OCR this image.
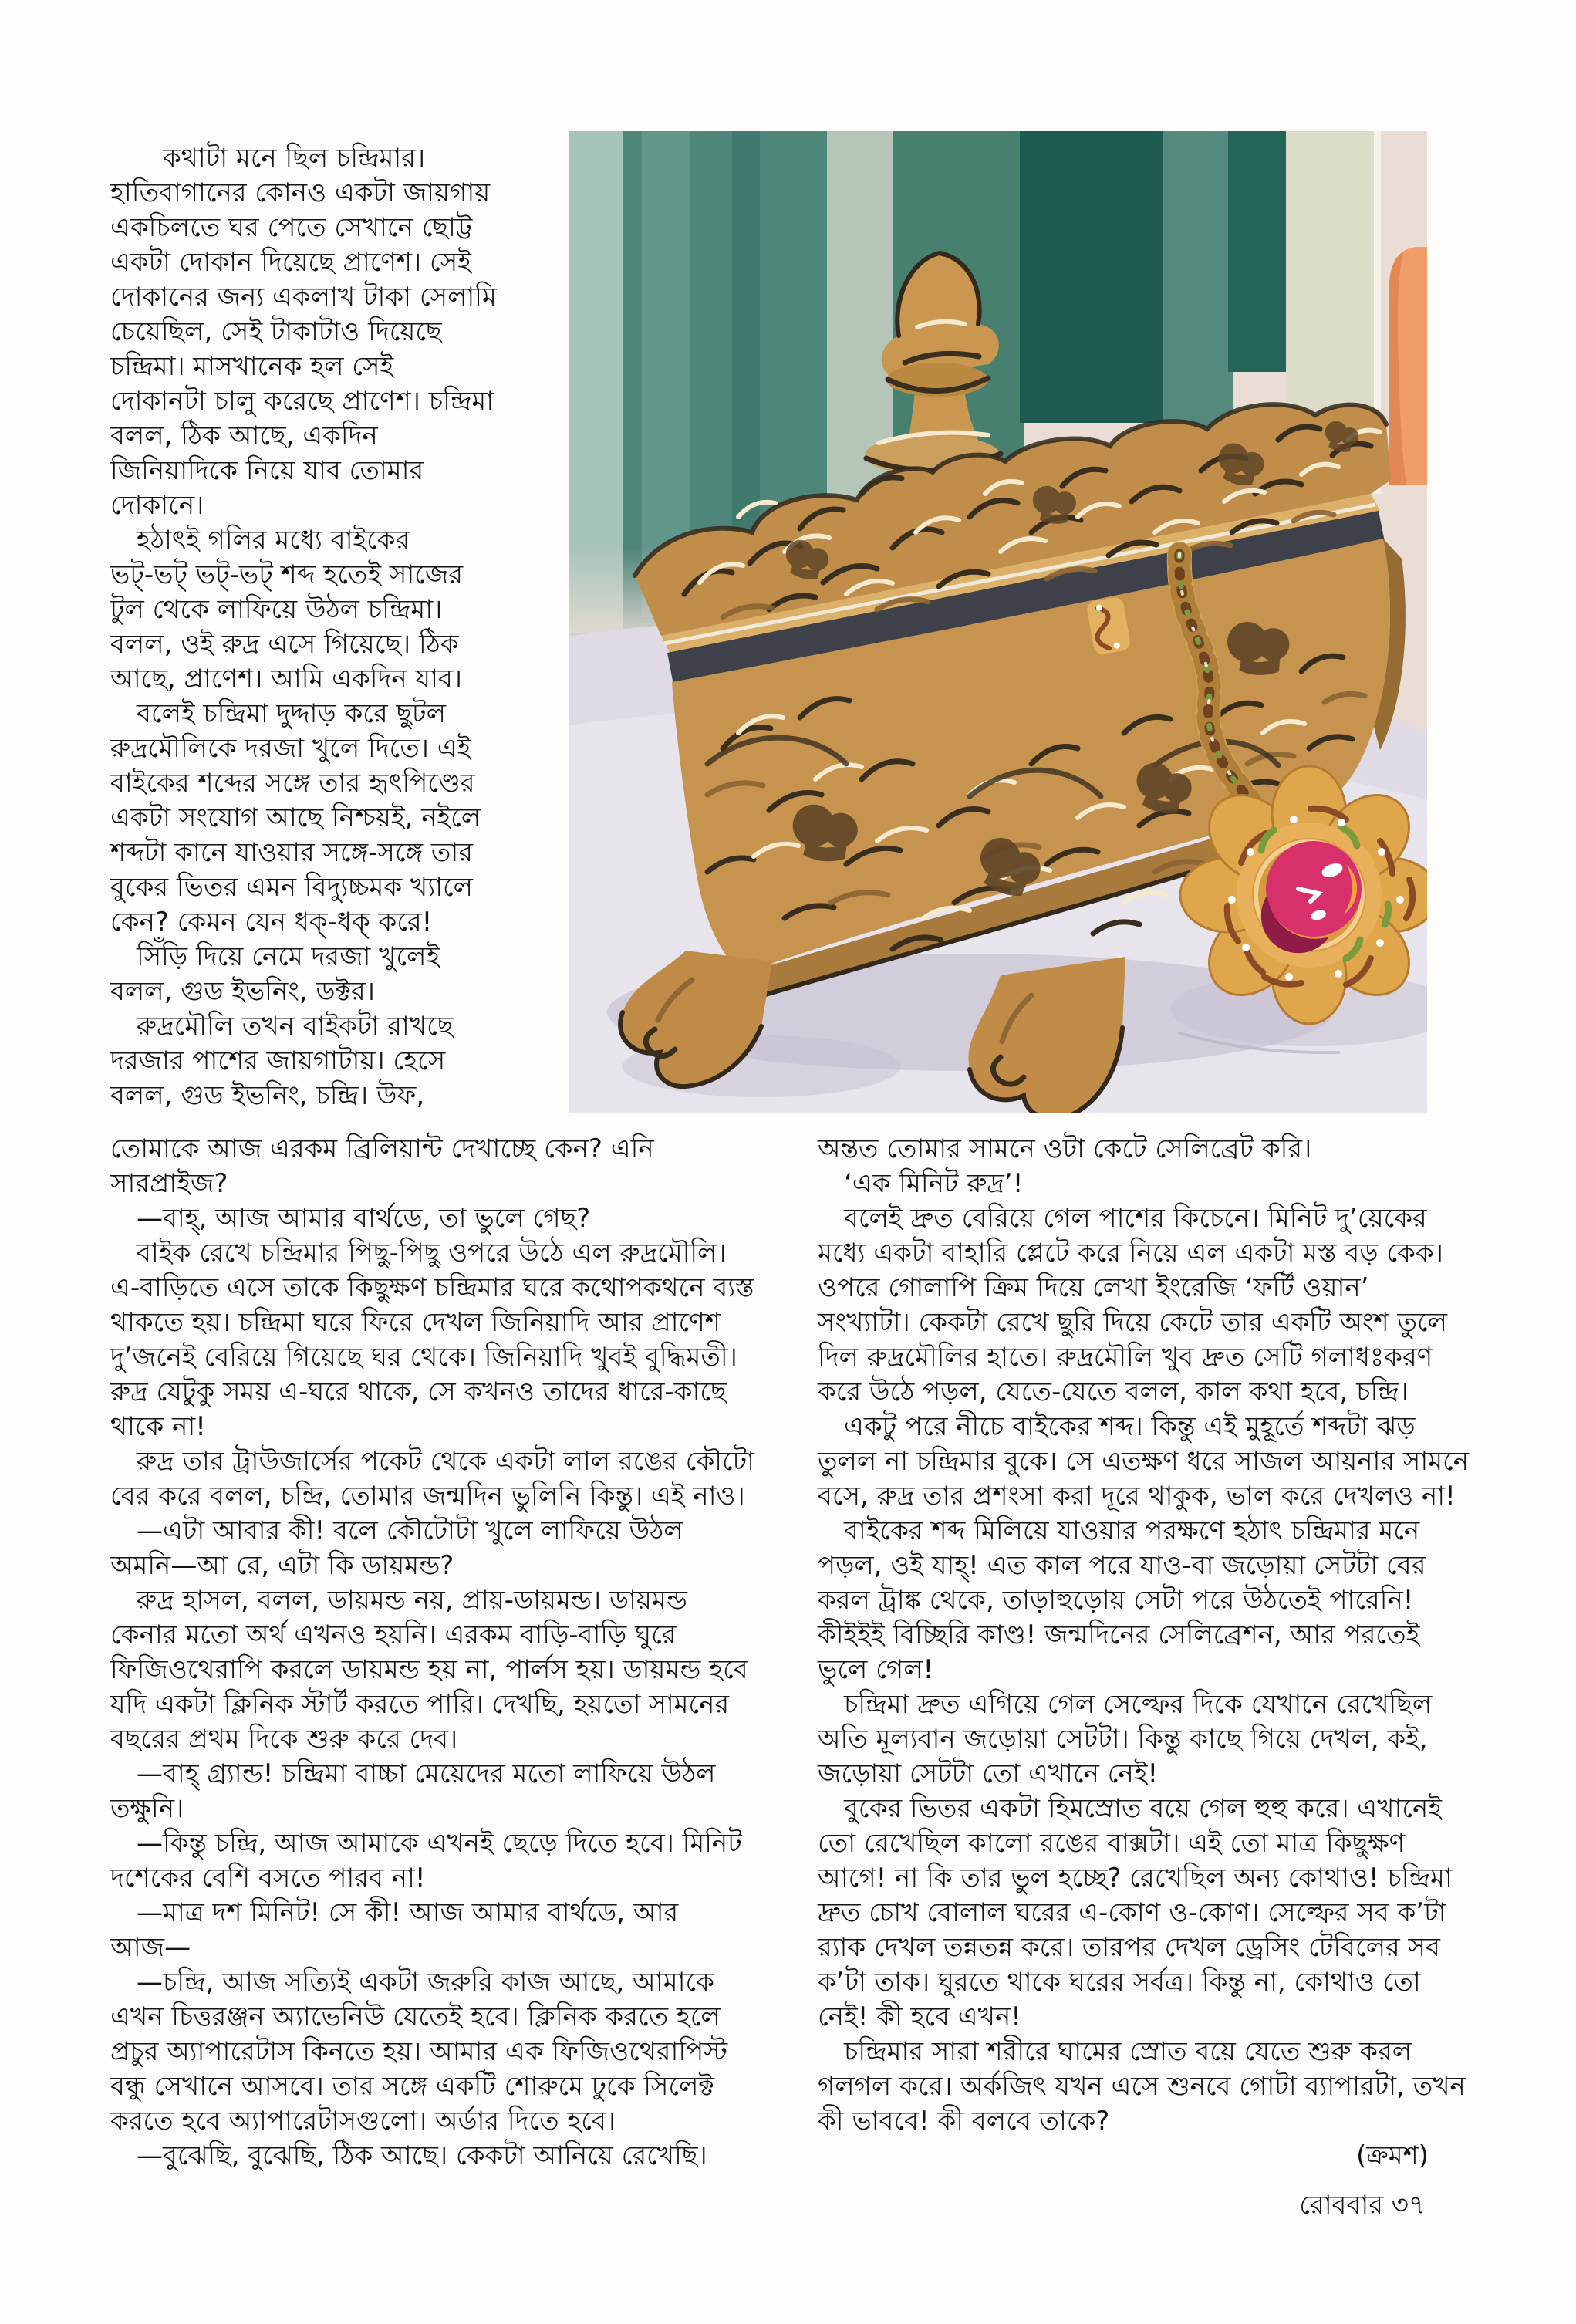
  কথাটা মনে ছিল চন্দ্রিমার।
হাতিবাগানের কোনও একটা জায়গায়
একচিলতে ঘর পেতে সেখানে ছোট্ট
একটা দোকান দিয়েছে প্রাণেশ। সেই
দোকানের জন্য একলাখ টাকা সেলামি
চেয়েছিল, সেই টাকাটাও দিয়েছে
চন্দ্রিমা। মাসখানেক হল সেই
দোকানটা চালু করেছে প্রাণেশ। চন্দ্রিমা
বলল, ঠিক আছে, একদিন
জিনিয়াদিকে নিয়ে যাব তোমার
দোকানে।
 হঠাৎই গলির মধ্যে বাইকের
ভট্-ভট্ ভট্-ভট্ শব্দ হতেই সাজের
টুল থেকে লাফিয়ে উঠল চন্দ্রিমা।
বলল, ওই রুদ্র এসে গিয়েছে। ঠিক
আছে, প্রাণেশ। আমি একদিন যাব।
 বলেই চন্দ্রিমা দুদ্দাড় করে ছুটল
রুদ্রমৌলিকে দরজা খুলে দিতে। এই
বাইকের শব্দের সঙ্গে তার হৃৎপিণ্ডের
একটা সংযোগ আছে নিশ্চয়ই, নইলে
শব্দটা কানে যাওয়ার সঙ্গে-সঙ্গে তার
বুকের ভিতর এমন বিদ্যুচ্চমক খ্যালে
কেন? কেমন যেন ধক্-ধক্ করে!
 সিঁড়ি দিয়ে নেমে দরজা খুলেই
বলল, গুড ইভনিং, ডক্টর।
 রুদ্রমৌলি তখন বাইকটা রাখছে
দরজার পাশের জায়গাটায়। হেসে
বলল, গুড ইভনিং, চন্দ্রি। উফ,
তোমাকে আজ এরকম ব্রিলিয়ান্ট দেখাচ্ছে কেন? এনি
সারপ্রাইজ?
 —বাহ্, আজ আমার বার্থডে, তা ভুলে গেছ?
 বাইক রেখে চন্দ্রিমার পিছু-পিছু ওপরে উঠে এল রুদ্রমৌলি।
এ-বাড়িতে এসে তাকে কিছুক্ষণ চন্দ্রিমার ঘরে কথোপকথনে ব্যস্ত
থাকতে হয়। চন্দ্রিমা ঘরে ফিরে দেখল জিনিয়াদি আর প্রাণেশ
দু’জনেই বেরিয়ে গিয়েছে ঘর থেকে। জিনিয়াদি খুবই বুদ্ধিমতী।
রুদ্র যেটুকু সময় এ-ঘরে থাকে, সে কখনও তাদের ধারে-কাছে
থাকে না!
 রুদ্র তার ট্রাউজার্সের পকেট থেকে একটা লাল রঙের কৌটো
বের করে বলল, চন্দ্রি, তোমার জন্মদিন ভুলিনি কিন্তু। এই নাও।
 —এটা আবার কী! বলে কৌটোটা খুলে লাফিয়ে উঠল
অমনি—আ রে, এটা কি ডায়মন্ড?
 রুদ্র হাসল, বলল, ডায়মন্ড নয়, প্রায়-ডায়মন্ড। ডায়মন্ড
কেনার মতো অর্থ এখনও হয়নি। এরকম বাড়ি-বাড়ি ঘুরে
ফিজিওথেরাপি করলে ডায়মন্ড হয় না, পার্লস হয়। ডায়মন্ড হবে
যদি একটা ক্লিনিক স্টার্ট করতে পারি। দেখছি, হয়তো সামনের
বছরের প্রথম দিকে শুরু করে দেব।
 —বাহ্ গ্র্যান্ড! চন্দ্রিমা বাচ্চা মেয়েদের মতো লাফিয়ে উঠল
তক্ষুনি।
 —কিন্তু চন্দ্রি, আজ আমাকে এখনই ছেড়ে দিতে হবে। মিনিট
দশেকের বেশি বসতে পারব না!
 —মাত্র দশ মিনিট! সে কী! আজ আমার বার্থডে, আর
আজ—
 —চন্দ্রি, আজ সত্যিই একটা জরুরি কাজ আছে, আমাকে
এখন চিত্তরঞ্জন অ্যাভেনিউ যেতেই হবে। ক্লিনিক করতে হলে
প্রচুর অ্যাপারেটাস কিনতে হয়। আমার এক ফিজিওথেরাপিস্ট
বন্ধু সেখানে আসবে। তার সঙ্গে একটি শোরুমে ঢুকে সিলেক্ট
করতে হবে অ্যাপারেটাসগুলো। অর্ডার দিতে হবে।
 —বুঝেছি, বুঝেছি, ঠিক আছে। কেকটা আনিয়ে রেখেছি।
অন্তত তোমার সামনে ওটা কেটে সেলিব্রেট করি।
 ‘এক মিনিট রুদ্র’!
 বলেই দ্রুত বেরিয়ে গেল পাশের কিচেনে। মিনিট দু’য়েকের
মধ্যে একটা বাহারি প্লেটে করে নিয়ে এল একটা মস্ত বড় কেক।
ওপরে গোলাপি ক্রিম দিয়ে লেখা ইংরেজি ‘ফর্টি ওয়ান’
সংখ্যাটা। কেকটা রেখে ছুরি দিয়ে কেটে তার একটি অংশ তুলে
দিল রুদ্রমৌলির হাতে। রুদ্রমৌলি খুব দ্রুত সেটি গলাধঃকরণ
করে উঠে পড়ল, যেতে-যেতে বলল, কাল কথা হবে, চন্দ্রি।
 একটু পরে নীচে বাইকের শব্দ। কিন্তু এই মুহূর্তে শব্দটা ঝড়
তুলল না চন্দ্রিমার বুকে। সে এতক্ষণ ধরে সাজল আয়নার সামনে
বসে, রুদ্র তার প্রশংসা করা দূরে থাকুক, ভাল করে দেখলও না!
 বাইকের শব্দ মিলিয়ে যাওয়ার পরক্ষণে হঠাৎ চন্দ্রিমার মনে
পড়ল, ওই যাহ্! এত কাল পরে যাও-বা জড়োয়া সেটটা বের
করল ট্রাঙ্ক থেকে, তাড়াহুড়োয় সেটা পরে উঠতেই পারেনি!
কীইইই বিচ্ছিরি কাণ্ড! জন্মদিনের সেলিব্রেশন, আর পরতেই
ভুলে গেল!
 চন্দ্রিমা দ্রুত এগিয়ে গেল সেল্ফের দিকে যেখানে রেখেছিল
অতি মূল্যবান জড়োয়া সেটটা। কিন্তু কাছে গিয়ে দেখল, কই,
জড়োয়া সেটটা তো এখানে নেই!
 বুকের ভিতর একটা হিমস্রোত বয়ে গেল হুহু করে। এখানেই
তো রেখেছিল কালো রঙের বাক্সটা। এই তো মাত্র কিছুক্ষণ
আগে! না কি তার ভুল হচ্ছে? রেখেছিল অন্য কোথাও! চন্দ্রিমা
দ্রুত চোখ বোলাল ঘরের এ-কোণ ও-কোণ। সেল্ফের সব ক’টা
র‍্যাক দেখল তন্নতন্ন করে। তারপর দেখল ড্রেসিং টেবিলের সব
ক’টা তাক। ঘুরতে থাকে ঘরের সর্বত্র। কিন্তু না, কোথাও তো
নেই! কী হবে এখন!
 চন্দ্রিমার সারা শরীরে ঘামের স্রোত বয়ে যেতে শুরু করল
গলগল করে। অর্কজিৎ যখন এসে শুনবে গোটা ব্যাপারটা, তখন
কী ভাববে! কী বলবে তাকে?
(ক্রমশ)
রোববার ৩৭
